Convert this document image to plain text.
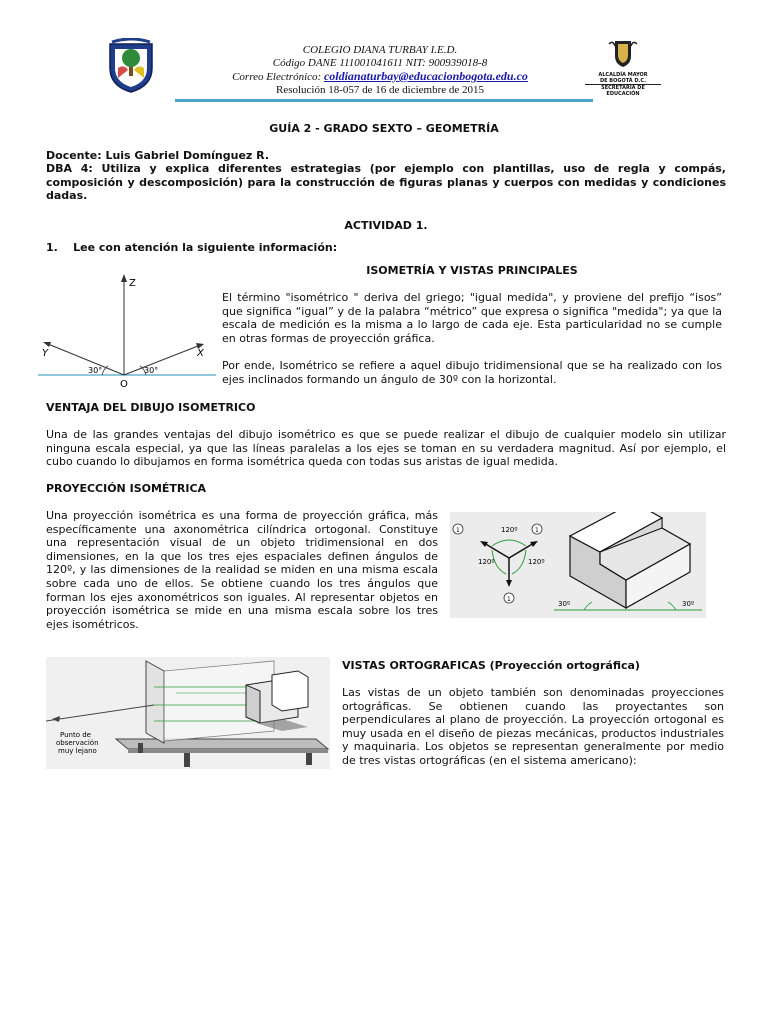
COLEGIO DIANA TURBAY I.E.D.
Código DANE 111001041611 NIT: 900939018-8
Correo Electrónico: coldianaturbay@educacionbogota.edu.co
Resolución 18-057 de 16 de diciembre de 2015
ALCALDÍA MAYOR
DE BOGOTÁ D.C.
SECRETARÍA DE EDUCACIÓN
GUÍA 2 - GRADO SEXTO – GEOMETRÍA
Docente: Luis Gabriel Domínguez R.
DBA 4: Utiliza y explica diferentes estrategias (por ejemplo con plantillas, uso de regla y compás, composición y descomposición) para la construcción de figuras planas y cuerpos con medidas y condiciones dadas.
ACTIVIDAD 1.
1.    Lee con atención la siguiente información:
Z
Y	X
O
30°	30°
ISOMETRÍA Y VISTAS PRINCIPALES
El término "isométrico " deriva del griego; "igual medida", y proviene del prefijo “isos” que significa “igual” y de la palabra “métrico” que expresa o significa "medida"; ya que la escala de medición es la misma a lo largo de cada eje. Esta particularidad no se cumple en otras formas de proyección gráfica.
Por ende, Isométrico se refiere a aquel dibujo tridimensional que se ha realizado con los ejes inclinados formando un ángulo de 30º con la horizontal.
VENTAJA DEL DIBUJO ISOMETRICO
Una de las grandes ventajas del dibujo isométrico es que se puede realizar el dibujo de cualquier modelo sin utilizar ninguna escala especial, ya que las líneas paralelas a los ejes se toman en su verdadera magnitud. Así por ejemplo, el cubo cuando lo dibujamos en forma isométrica queda con todas sus aristas de igual medida.
PROYECCIÓN ISOMÉTRICA
Una proyección isométrica es una forma de proyección gráfica, más específicamente una axonométrica cilíndrica ortogonal. Constituye una representación visual de un objeto tridimensional en dos dimensiones, en la que los tres ejes espaciales definen ángulos de 120º, y las dimensiones de la realidad se miden en una misma escala sobre cada uno de ellos. Se obtiene cuando los tres ángulos que forman los ejes axonométricos son iguales. Al representar objetos en proyección isométrica se mide en una misma escala sobre los tres ejes isométricos.
1	1
1
120º
120º	120º
30º	30º
Punto de
observación
muy lejano
VISTAS ORTOGRAFICAS (Proyección ortográfica)
Las vistas de un objeto también son denominadas proyecciones ortográficas. Se obtienen cuando las proyectantes son perpendiculares al plano de proyección. La proyección ortogonal es muy usada en el diseño de piezas mecánicas, productos industriales y maquinaria. Los objetos se representan generalmente por medio de tres vistas ortográficas (en el sistema americano):
